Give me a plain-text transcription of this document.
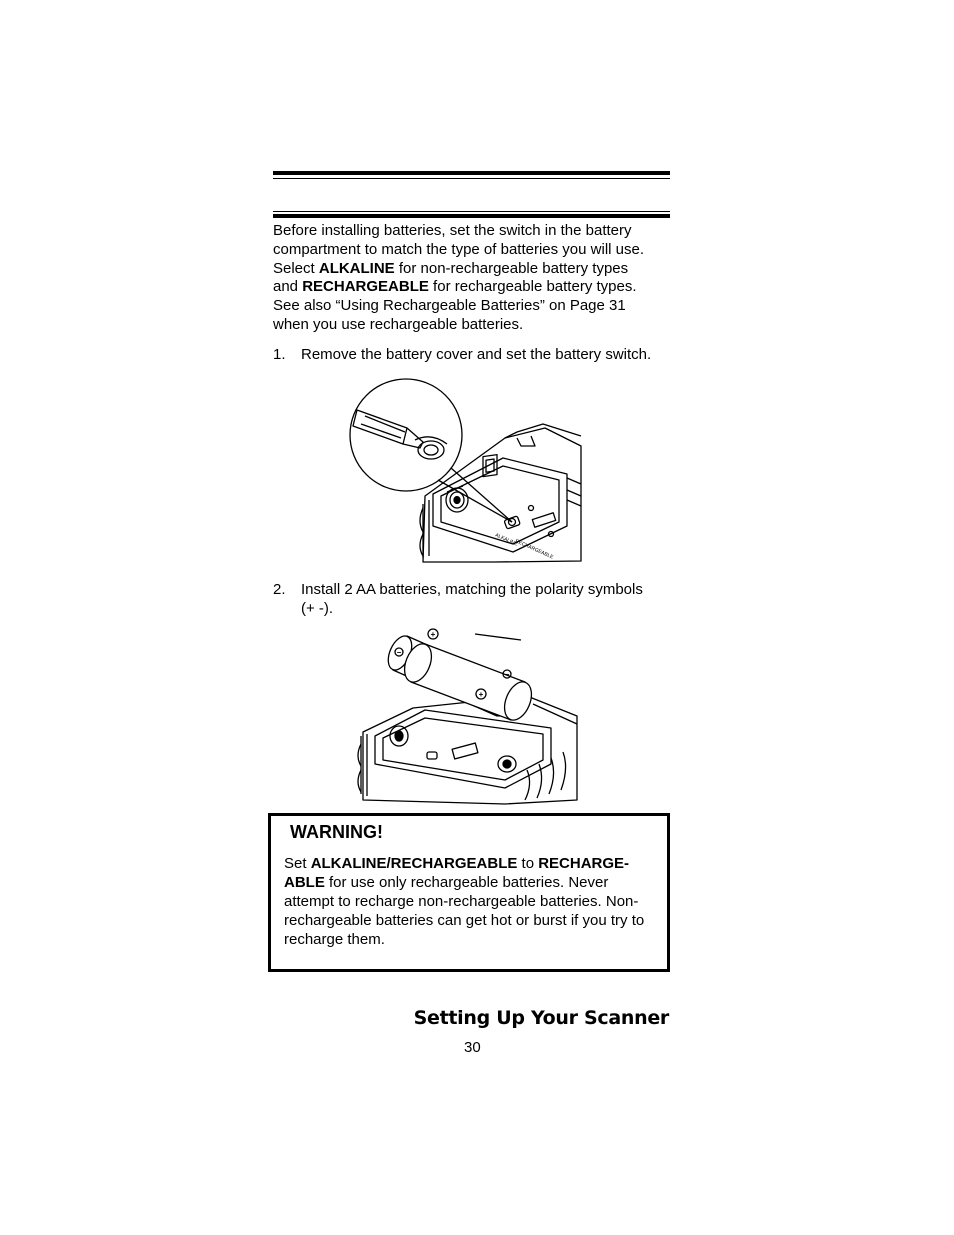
Before installing batteries, set the switch in the battery
compartment to match the type of batteries you will use.
Select ALKALINE for non-rechargeable battery types
and RECHARGEABLE for rechargeable battery types.
See also “Using Rechargeable Batteries” on Page 31
when you use rechargeable batteries.
1. Remove the battery cover and set the battery switch.
ALKALINE
RECHARGEABLE
2. Install 2 AA batteries, matching the polarity symbols
(+ -).
+
+
−
−
WARNING!
Set ALKALINE/RECHARGEABLE to RECHARGE-
ABLE for use only rechargeable batteries. Never
attempt to recharge non-rechargeable batteries. Non-
rechargeable batteries can get hot or burst if you try to
recharge them.
Setting Up Your Scanner
30
